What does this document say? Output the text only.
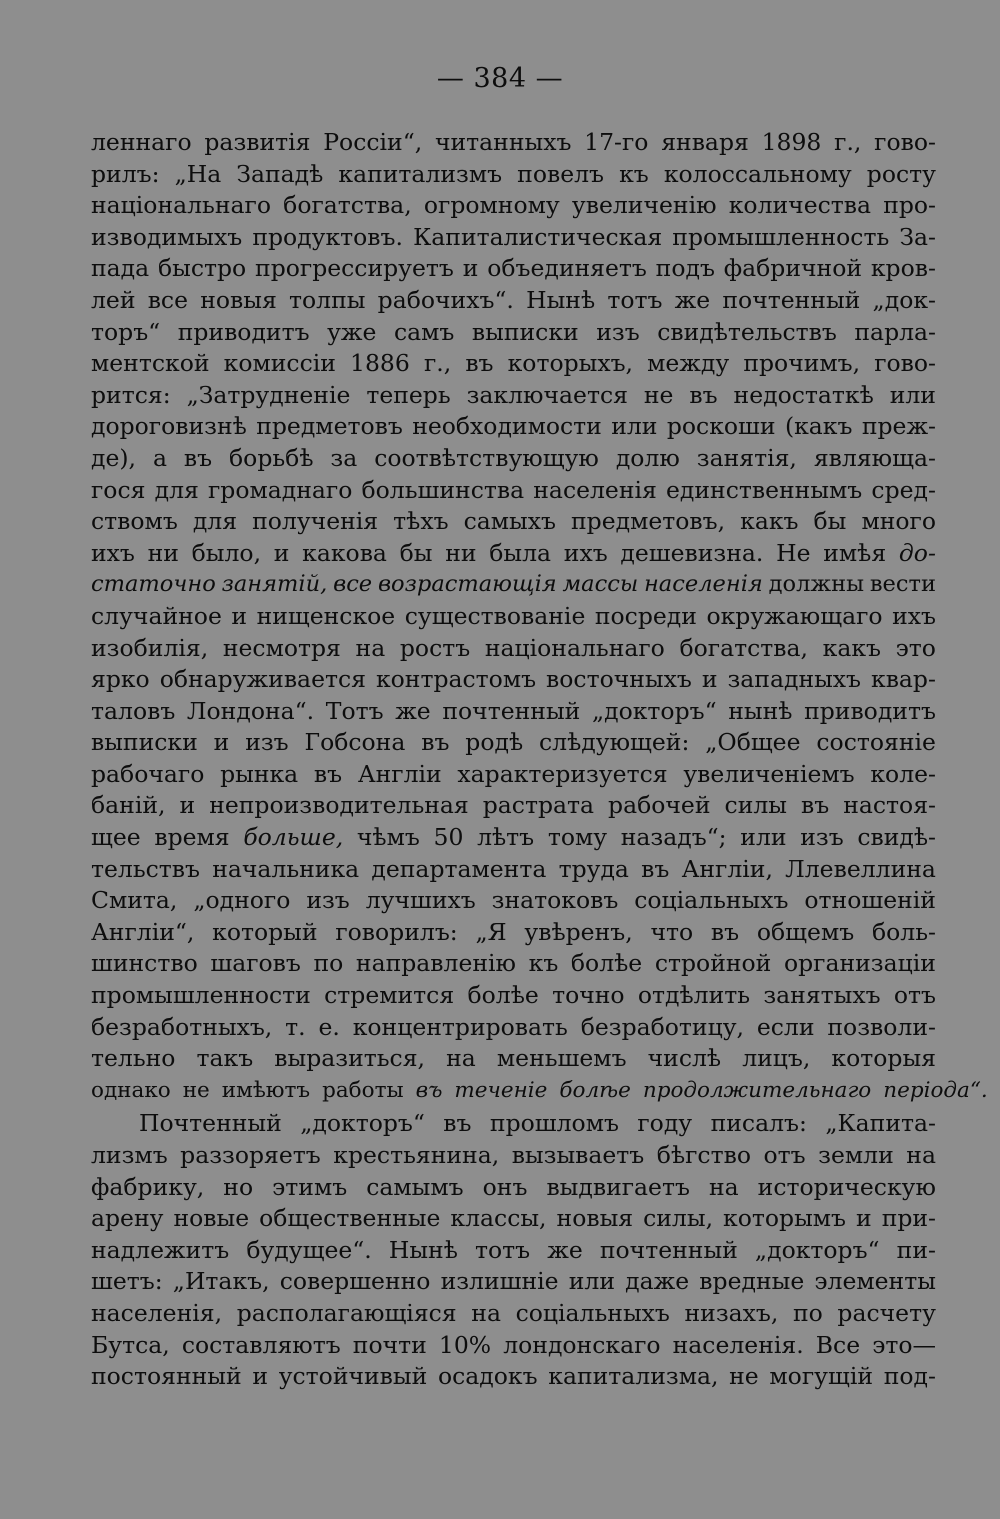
— 384 —
леннаго развитія Россіи“, читанныхъ 17-го января 1898 г., гово-
рилъ: „На Западѣ капитализмъ повелъ къ колоссальному росту
національнаго богатства, огромному увеличенію количества про-
изводимыхъ продуктовъ. Капиталистическая промышленность За-
пада быстро прогрессируетъ и объединяетъ подъ фабричной кров-
лей все новыя толпы рабочихъ“. Нынѣ тотъ же почтенный „док-
торъ“ приводитъ уже самъ выписки изъ свидѣтельствъ парла-
ментской комиссіи 1886 г., въ которыхъ, между прочимъ, гово-
рится: „Затрудненіе теперь заключается не въ недостаткѣ или
дороговизнѣ предметовъ необходимости или роскоши (какъ преж-
де), а въ борьбѣ за соотвѣтствующую долю занятія, являюща-
гося для громаднаго большинства населенія единственнымъ сред-
ствомъ для полученія тѣхъ самыхъ предметовъ, какъ бы много
ихъ ни было, и какова бы ни была ихъ дешевизна. Не имѣя до-
статочно занятій, все возрастающія массы населенія должны вести
случайное и нищенское существованіе посреди окружающаго ихъ
изобилія, несмотря на ростъ національнаго богатства, какъ это
ярко обнаруживается контрастомъ восточныхъ и западныхъ квар-
таловъ Лондона“. Тотъ же почтенный „докторъ“ нынѣ приводитъ
выписки и изъ Гобсона въ родѣ слѣдующей: „Общее состояніе
рабочаго рынка въ Англіи характеризуется увеличеніемъ коле-
баній, и непроизводительная растрата рабочей силы въ настоя-
щее время больше, чѣмъ 50 лѣтъ тому назадъ“; или изъ свидѣ-
тельствъ начальника департамента труда въ Англіи, Ллевеллина
Смита, „одного изъ лучшихъ знатоковъ соціальныхъ отношеній
Англіи“, который говорилъ: „Я увѣренъ, что въ общемъ боль-
шинство шаговъ по направленію къ болѣе стройной организаціи
промышленности стремится болѣе точно отдѣлить занятыхъ отъ
безработныхъ, т. е. концентрировать безработицу, если позволи-
тельно такъ выразиться, на меньшемъ числѣ лицъ, которыя
однако не имѣютъ работы въ теченіе болѣе продолжительнаго періода“.
Почтенный „докторъ“ въ прошломъ году писалъ: „Капита-
лизмъ раззоряетъ крестьянина, вызываетъ бѣгство отъ земли на
фабрику, но этимъ самымъ онъ выдвигаетъ на историческую
арену новые общественные классы, новыя силы, которымъ и при-
надлежитъ будущее“. Нынѣ тотъ же почтенный „докторъ“ пи-
шетъ: „Итакъ, совершенно излишніе или даже вредные элементы
населенія, располагающіяся на соціальныхъ низахъ, по расчету
Бутса, составляютъ почти 10% лондонскаго населенія. Все это—
постоянный и устойчивый осадокъ капитализма, не могущій под-
